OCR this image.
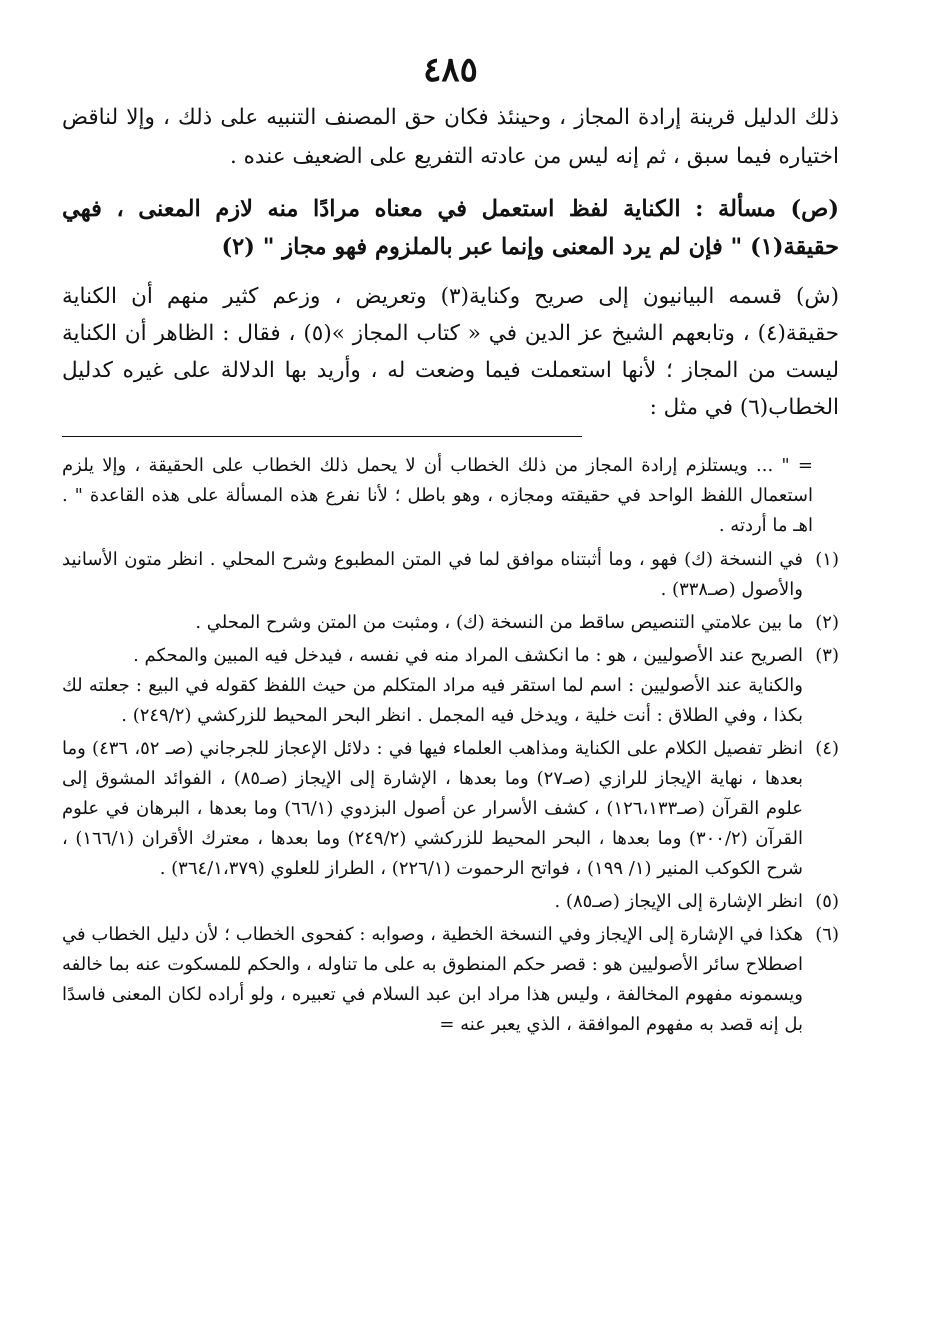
٤٨٥

ذلك الدليل قرينة إرادة المجاز ، وحينئذ فكان حق المصنف التنبيه على ذلك ، وإلا لناقض اختياره فيما سبق ، ثم إنه ليس من عادته التفريع على الضعيف عنده .

(ص) مسألة : الكناية لفظ استعمل في معناه مرادًا منه لازم المعنى ، فهي حقيقة(١) " فإن لم يرد المعنى وإنما عبر بالملزوم فهو مجاز " (٢)

(ش) قسمه البيانيون إلى صريح وكناية(٣) وتعريض ، وزعم كثير منهم أن الكناية حقيقة(٤) ، وتابعهم الشيخ عز الدين في « كتاب المجاز »(٥) ، فقال : الظاهر أن الكناية ليست من المجاز ؛ لأنها استعملت فيما وضعت له ، وأريد بها الدلالة على غيره كدليل الخطاب(٦) في مثل :

= " ... ويستلزم إرادة المجاز من ذلك الخطاب أن لا يحمل ذلك الخطاب على الحقيقة ، وإلا يلزم استعمال اللفظ الواحد في حقيقته ومجازه ، وهو باطل ؛ لأنا نفرع هذه المسألة على هذه القاعدة " . اهـ ما أردته .

(١)

في النسخة (ك) فهو ، وما أثبتناه موافق لما في المتن المطبوع وشرح المحلي . انظر متون الأسانيد والأصول (صـ٣٣٨) .

(٢)

ما بين علامتي التنصيص ساقط من النسخة (ك) ، ومثبت من المتن وشرح المحلي .

(٣)

الصريح عند الأصوليين ، هو : ما انكشف المراد منه في نفسه ، فيدخل فيه المبين والمحكم .

والكناية عند الأصوليين : اسم لما استقر فيه مراد المتكلم من حيث اللفظ كقوله في البيع : جعلته لك بكذا ، وفي الطلاق : أنت خلية ، ويدخل فيه المجمل . انظر البحر المحيط للزركشي (٢٤٩/٢) .

(٤)

انظر تفصيل الكلام على الكناية ومذاهب العلماء فيها في : دلائل الإعجاز للجرجاني (صـ ٥٢، ٤٣٦) وما بعدها ، نهاية الإيجاز للرازي (صـ٢٧) وما بعدها ، الإشارة إلى الإيجاز (صـ٨٥) ، الفوائد المشوق إلى علوم القرآن (صـ١٢٦،١٣٣) ، كشف الأسرار عن أصول البزدوي (٦٦/١) وما بعدها ، البرهان في علوم القرآن (٣٠٠/٢) وما بعدها ، البحر المحيط للزركشي (٢٤٩/٢) وما بعدها ، معترك الأقران (١٦٦/١) ، شرح الكوكب المنير (١/ ١٩٩) ، فواتح الرحموت (٢٢٦/١) ، الطراز للعلوي (٣٦٤/١،٣٧٩) .

(٥)

انظر الإشارة إلى الإيجاز (صـ٨٥) .

(٦)

هكذا في الإشارة إلى الإيجاز وفي النسخة الخطية ، وصوابه : كفحوى الخطاب ؛ لأن دليل الخطاب في اصطلاح سائر الأصوليين هو : قصر حكم المنطوق به على ما تناوله ، والحكم للمسكوت عنه بما خالفه ويسمونه مفهوم المخالفة ، وليس هذا مراد ابن عبد السلام في تعبيره ، ولو أراده لكان المعنى فاسدًا بل إنه قصد به مفهوم الموافقة ، الذي يعبر عنه =
